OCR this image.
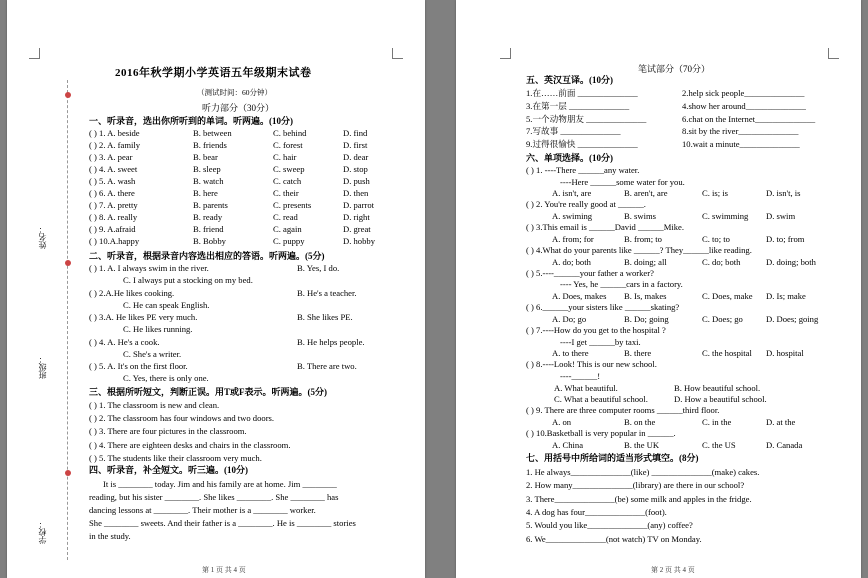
姓名：
班级：
学校：
2016年秋学期小学英语五年级期末试卷
（测试时间：60分钟）
听力部分（30分）
一、听录音，选出你所听到的单词。听两遍。(10分)
( ) 1. A. beside	B. between	C. behind	D. find
( ) 2. A. family	B. friends	C. forest	D. first
( ) 3. A. pear	B. bear	C. hair	D. dear
( ) 4. A. sweet	B. sleep	C. sweep	D. stop
( ) 5. A. wash	B. watch	C. catch	D. push
( ) 6. A. there	B. here	C. their	D. then
( ) 7. A. pretty	B. parents	C. presents	D. parrot
( ) 8. A. really	B. ready	C. read	D. right
( ) 9. A.afraid	B. friend	C. again	D. great
( ) 10.A.happy	B. Bobby	C. puppy	D. hobby
二、听录音，根据录音内容选出相应的答语。听两遍。(5分)
( ) 1. A. I always swim in the river.	B. Yes, I do.
C. I always put a stocking on my bed.
( ) 2.A.He likes cooking.	B. He's a teacher.
C. He can speak English.
( ) 3.A. He likes PE very much.	B. She likes PE.
C. He likes running.
( ) 4. A. He's a cook.	B. He helps people.
C. She's a writer.
( ) 5. A. It's on the first floor.	B. There are two.
C. Yes, there is only one.
三、根据所听短文，判断正误。用T或F表示。听两遍。(5分)
( ) 1. The classroom is new and clean.
( ) 2. The classroom has four windows and two doors.
( ) 3. There are four pictures in the classroom.
( ) 4. There are eighteen desks and chairs in the classroom.
( ) 5. The students like their classroom very much.
四、听录音，补全短文。听三遍。(10分)
It is ________ today. Jim and his family are at home. Jim ________
reading, but his sister ________. She likes ________. She ________ has
dancing lessons at ________. Their mother is a ________ worker.
She ________ sweets. And their father is a ________. He is ________ stories
in the study.
第 1 页 共 4 页
笔试部分（70分）
五、英汉互译。(10分)
1.在……前面 ______________	2.help sick people______________
3.在第一层 ______________	4.show her around______________
5.一个动物朋友 ______________	6.chat on the Internet______________
7.写故事 ______________	8.sit by the river______________
9.过得很愉快 ______________	10.wait a minute______________
六、单项选择。(10分)
( ) 1. ----There ______any water.
----Here ______some water for you.
A. isn't, are	B. aren't, are	C. is; is	D. isn't, is
( ) 2. You're really good at ______.
A. swiming	B. swims	C. swimming D. swim
( ) 3.This email is ______David ______Mike.
A. from; for	B. from; to	C. to; to	D. to; from
( ) 4.What do your parents like ______? They______like reading.
A. do; both	B. doing; all	C. do; both	D. doing; both
( ) 5.----______your father a worker?
---- Yes, he ______cars in a factory.
A. Does, makes B. Is, makes	C. Does, make D. Is; make
( ) 6.______your sisters like ______skating?
A. Do; go	B. Do; going	C. Does; go	D. Does; going
( ) 7.----How do you get to the hospital ?
----I get ______by taxi.
A. to there	B. there	C. the hospital D. hospital
( ) 8.----Look! This is our new school.
----______!
A. What beautiful.	B. How beautiful school.
C. What a beautiful school.	D. How a beautiful school.
( ) 9. There are three computer rooms ______third floor.
A. on	B. on the	C. in the	D. at the
( ) 10.Basketball is very popular in ______.
A. China	B. the UK	C. the US	D. Canada
七、用括号中所给词的适当形式填空。(8分)
1. He always______________(like) ______________(make) cakes.
2. How many______________(library) are there in our school?
3. There______________(be) some milk and apples in the fridge.
4. A dog has four______________(foot).
5. Would you like______________(any) coffee?
6. We______________(not watch) TV on Monday.
第 2 页 共 4 页
